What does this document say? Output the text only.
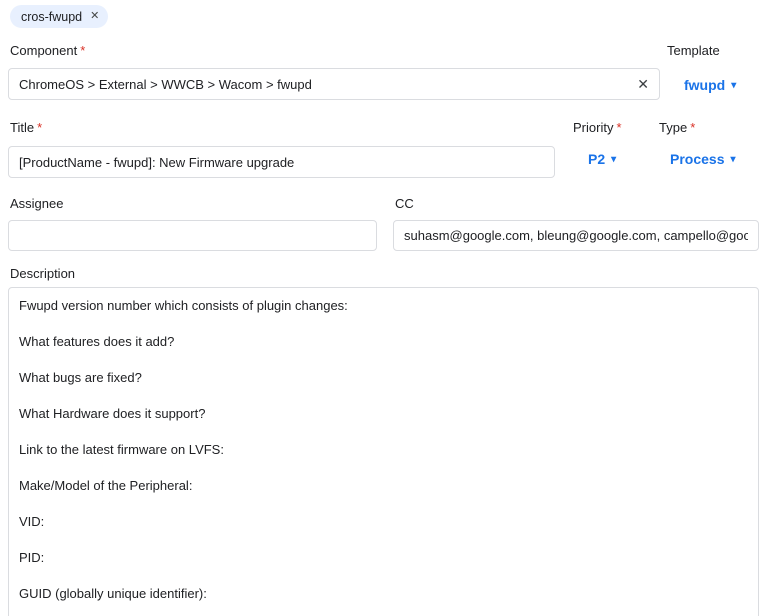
cros-fwupd ✕
Component *
ChromeOS > External > WWCB > Wacom > fwupd
✕
Template
fwupd ▾
Title *
[ProductName - fwupd]: New Firmware upgrade	Priority *
P2 ▾
Type *
Process ▾
Assignee	CC
suhasm@google.com, bleung@google.com, campello@goog
Description
Fwupd version number which consists of plugin changes: What features does it add? What bugs are fixed? What Hardware does it support? Link to the latest firmware on LVFS: Make/Model of the Peripheral: VID: PID: GUID (globally unique identifier):
